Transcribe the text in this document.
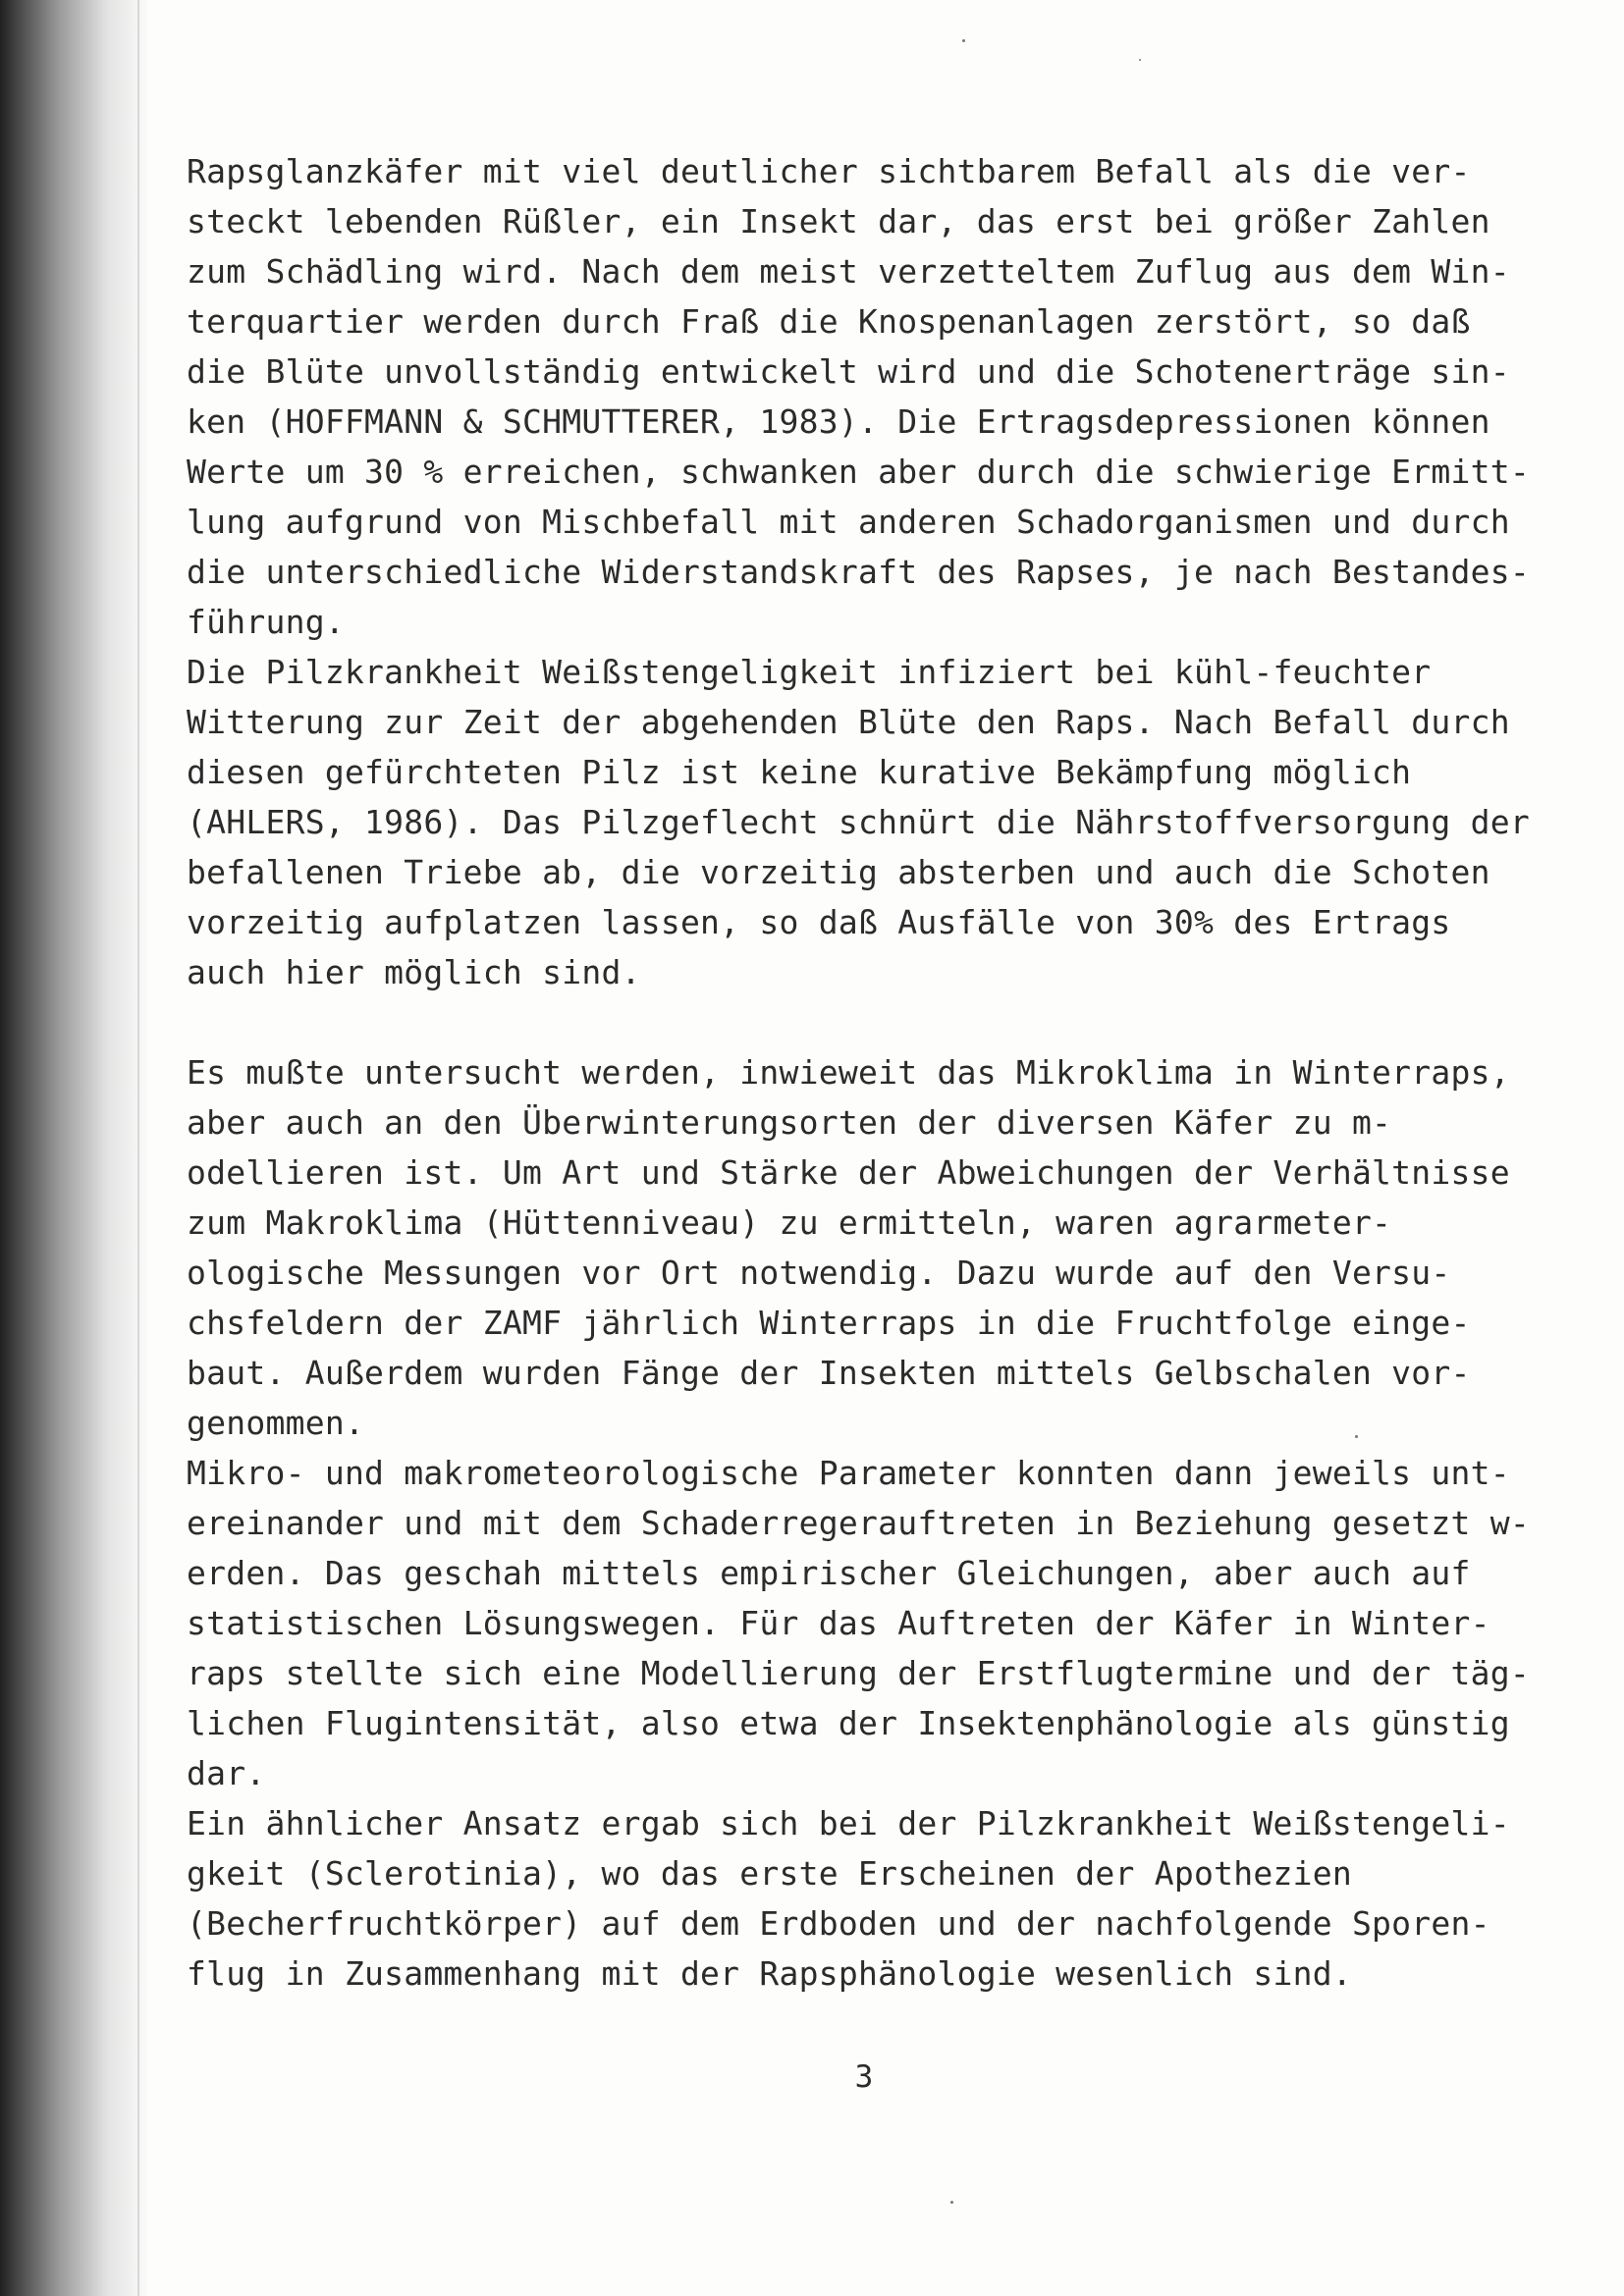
Rapsglanzkäfer mit viel deutlicher sichtbarem Befall als die ver-
steckt lebenden Rüßler, ein Insekt dar, das erst bei größer Zahlen
zum Schädling wird. Nach dem meist verzetteltem Zuflug aus dem Win-
terquartier werden durch Fraß die Knospenanlagen zerstört, so daß
die Blüte unvollständig entwickelt wird und die Schotenerträge sin-
ken (HOFFMANN & SCHMUTTERER, 1983). Die Ertragsdepressionen können
Werte um 30 % erreichen, schwanken aber durch die schwierige Ermitt-
lung aufgrund von Mischbefall mit anderen Schadorganismen und durch
die unterschiedliche Widerstandskraft des Rapses, je nach Bestandes-
führung.
Die Pilzkrankheit Weißstengeligkeit infiziert bei kühl-feuchter
Witterung zur Zeit der abgehenden Blüte den Raps. Nach Befall durch
diesen gefürchteten Pilz ist keine kurative Bekämpfung möglich
(AHLERS, 1986). Das Pilzgeflecht schnürt die Nährstoffversorgung der
befallenen Triebe ab, die vorzeitig absterben und auch die Schoten
vorzeitig aufplatzen lassen, so daß Ausfälle von 30% des Ertrags
auch hier möglich sind.
Es mußte untersucht werden, inwieweit das Mikroklima in Winterraps,
aber auch an den Überwinterungsorten der diversen Käfer zu m-
odellieren ist. Um Art und Stärke der Abweichungen der Verhältnisse
zum Makroklima (Hüttenniveau) zu ermitteln, waren agrarmeter-
ologische Messungen vor Ort notwendig. Dazu wurde auf den Versu-
chsfeldern der ZAMF jährlich Winterraps in die Fruchtfolge einge-
baut. Außerdem wurden Fänge der Insekten mittels Gelbschalen vor-
genommen.
Mikro- und makrometeorologische Parameter konnten dann jeweils unt-
ereinander und mit dem Schaderregerauftreten in Beziehung gesetzt w-
erden. Das geschah mittels empirischer Gleichungen, aber auch auf
statistischen Lösungswegen. Für das Auftreten der Käfer in Winter-
raps stellte sich eine Modellierung der Erstflugtermine und der täg-
lichen Flugintensität, also etwa der Insektenphänologie als günstig
dar.
Ein ähnlicher Ansatz ergab sich bei der Pilzkrankheit Weißstengeli-
gkeit (Sclerotinia), wo das erste Erscheinen der Apothezien
(Becherfruchtkörper) auf dem Erdboden und der nachfolgende Sporen-
flug in Zusammenhang mit der Rapsphänologie wesenlich sind.
3
